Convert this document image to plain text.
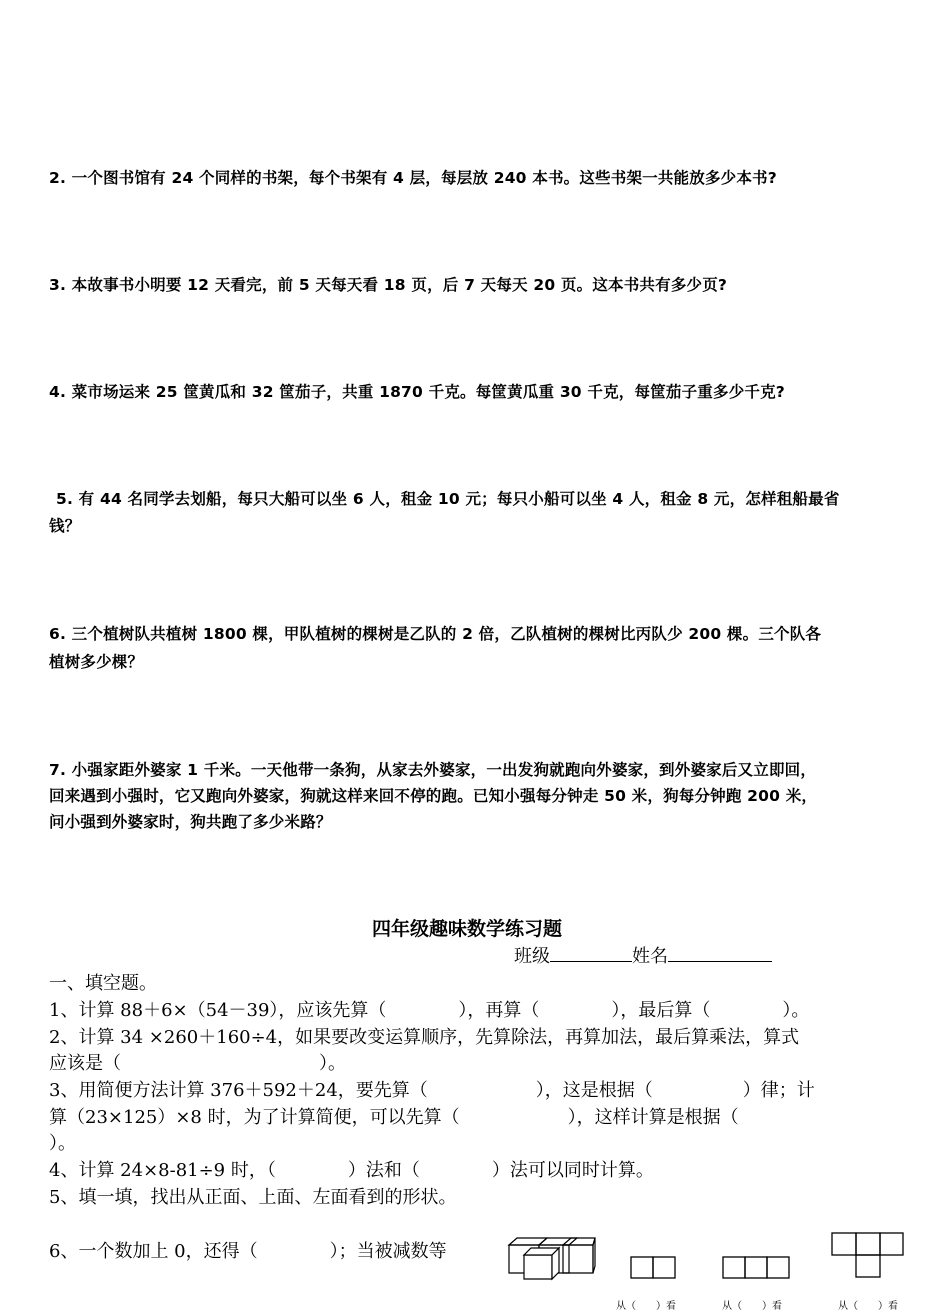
2. 一个图书馆有 24 个同样的书架，每个书架有 4 层，每层放 240 本书。这些书架一共能放多少本书?
3. 本故事书小明要 12 天看完，前 5 天每天看 18 页，后 7 天每天 20 页。这本书共有多少页?
4. 菜市场运来 25 筐黄瓜和 32 筐茄子，共重 1870 千克。每筐黄瓜重 30 千克，每筐茄子重多少千克?
5. 有 44 名同学去划船，每只大船可以坐 6 人，租金 10 元；每只小船可以坐 4 人，租金 8 元，怎样租船最省
钱？
6. 三个植树队共植树 1800 棵，甲队植树的棵树是乙队的 2 倍，乙队植树的棵树比丙队少 200 棵。三个队各
植树多少棵？
7. 小强家距外婆家 1 千米。一天他带一条狗，从家去外婆家，一出发狗就跑向外婆家，到外婆家后又立即回，
回来遇到小强时，它又跑向外婆家，狗就这样来回不停的跑。已知小强每分钟走 50 米，狗每分钟跑 200 米，
问小强到外婆家时，狗共跑了多少米路？
四年级趣味数学练习题
班级	姓名
一、填空题。
1、计算 88＋6×（54－39），应该先算（　　　　），再算（　　　　），最后算（　　　　）。
2、计算 34 ×260＋160÷4，如果要改变运算顺序，先算除法，再算加法，最后算乘法，算式
应该是（　　　　　　　　　　　）。
3、用简便方法计算 376＋592＋24，要先算（　　　　　　），这是根据（　　　　　）律；计
算（23×125）×8 时，为了计算简便，可以先算（　　　　　　），这样计算是根据（
）。
4、计算 24×8-81÷9 时，（　　　　）法和（　　　　）法可以同时计算。
5、填一填，找出从正面、上面、左面看到的形状。
6、一个数加上 0，还得（　　　　）；当被减数等
从（　　）看	从（　　）看	从（　　）看
